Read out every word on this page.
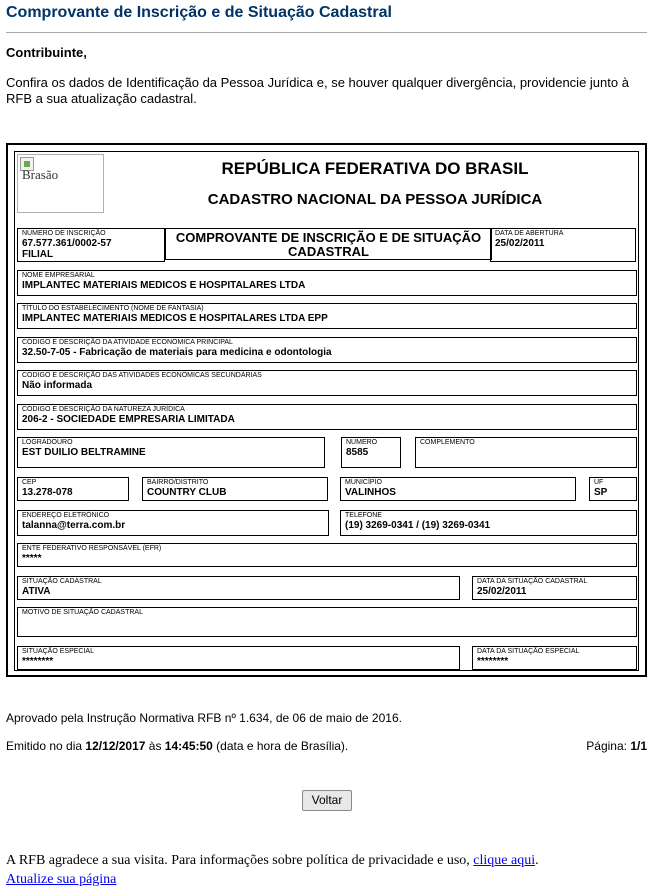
Comprovante de Inscrição e de Situação Cadastral
Contribuinte,
Confira os dados de Identificação da Pessoa Jurídica e, se houver qualquer divergência, providencie junto à RFB a sua atualização cadastral.
Brasão	REPÚBLICA FEDERATIVA DO BRASIL
CADASTRO NACIONAL DA PESSOA JURÍDICA
NÚMERO DE INSCRIÇÃO
67.577.361/0002-57
FILIAL
COMPROVANTE DE INSCRIÇÃO E DE SITUAÇÃO CADASTRAL
DATA DE ABERTURA
25/02/2011
NOME EMPRESARIAL
IMPLANTEC MATERIAIS MEDICOS E HOSPITALARES LTDA
TÍTULO DO ESTABELECIMENTO (NOME DE FANTASIA)
IMPLANTEC MATERIAIS MEDICOS E HOSPITALARES LTDA EPP
CÓDIGO E DESCRIÇÃO DA ATIVIDADE ECONÔMICA PRINCIPAL
32.50-7-05 - Fabricação de materiais para medicina e odontologia
CÓDIGO E DESCRIÇÃO DAS ATIVIDADES ECONÔMICAS SECUNDÁRIAS
Não informada
CÓDIGO E DESCRIÇÃO DA NATUREZA JURÍDICA
206-2 - SOCIEDADE EMPRESARIA LIMITADA
LOGRADOURO
EST DUILIO BELTRAMINE
NÚMERO
8585
COMPLEMENTO
CEP
13.278-078
BAIRRO/DISTRITO
COUNTRY CLUB
MUNICÍPIO
VALINHOS
UF
SP
ENDEREÇO ELETRÔNICO
talanna@terra.com.br
TELEFONE
(19) 3269-0341 / (19) 3269-0341
ENTE FEDERATIVO RESPONSÁVEL (EFR)
*****
SITUAÇÃO CADASTRAL
ATIVA
DATA DA SITUAÇÃO CADASTRAL
25/02/2011
MOTIVO DE SITUAÇÃO CADASTRAL
SITUAÇÃO ESPECIAL
********
DATA DA SITUAÇÃO ESPECIAL
********
Aprovado pela Instrução Normativa RFB nº 1.634, de 06 de maio de 2016.
Emitido no dia 12/12/2017 às 14:45:50 (data e hora de Brasília).	Página: 1/1
Voltar
A RFB agradece a sua visita. Para informações sobre política de privacidade e uso, clique aqui.
Atualize sua página
